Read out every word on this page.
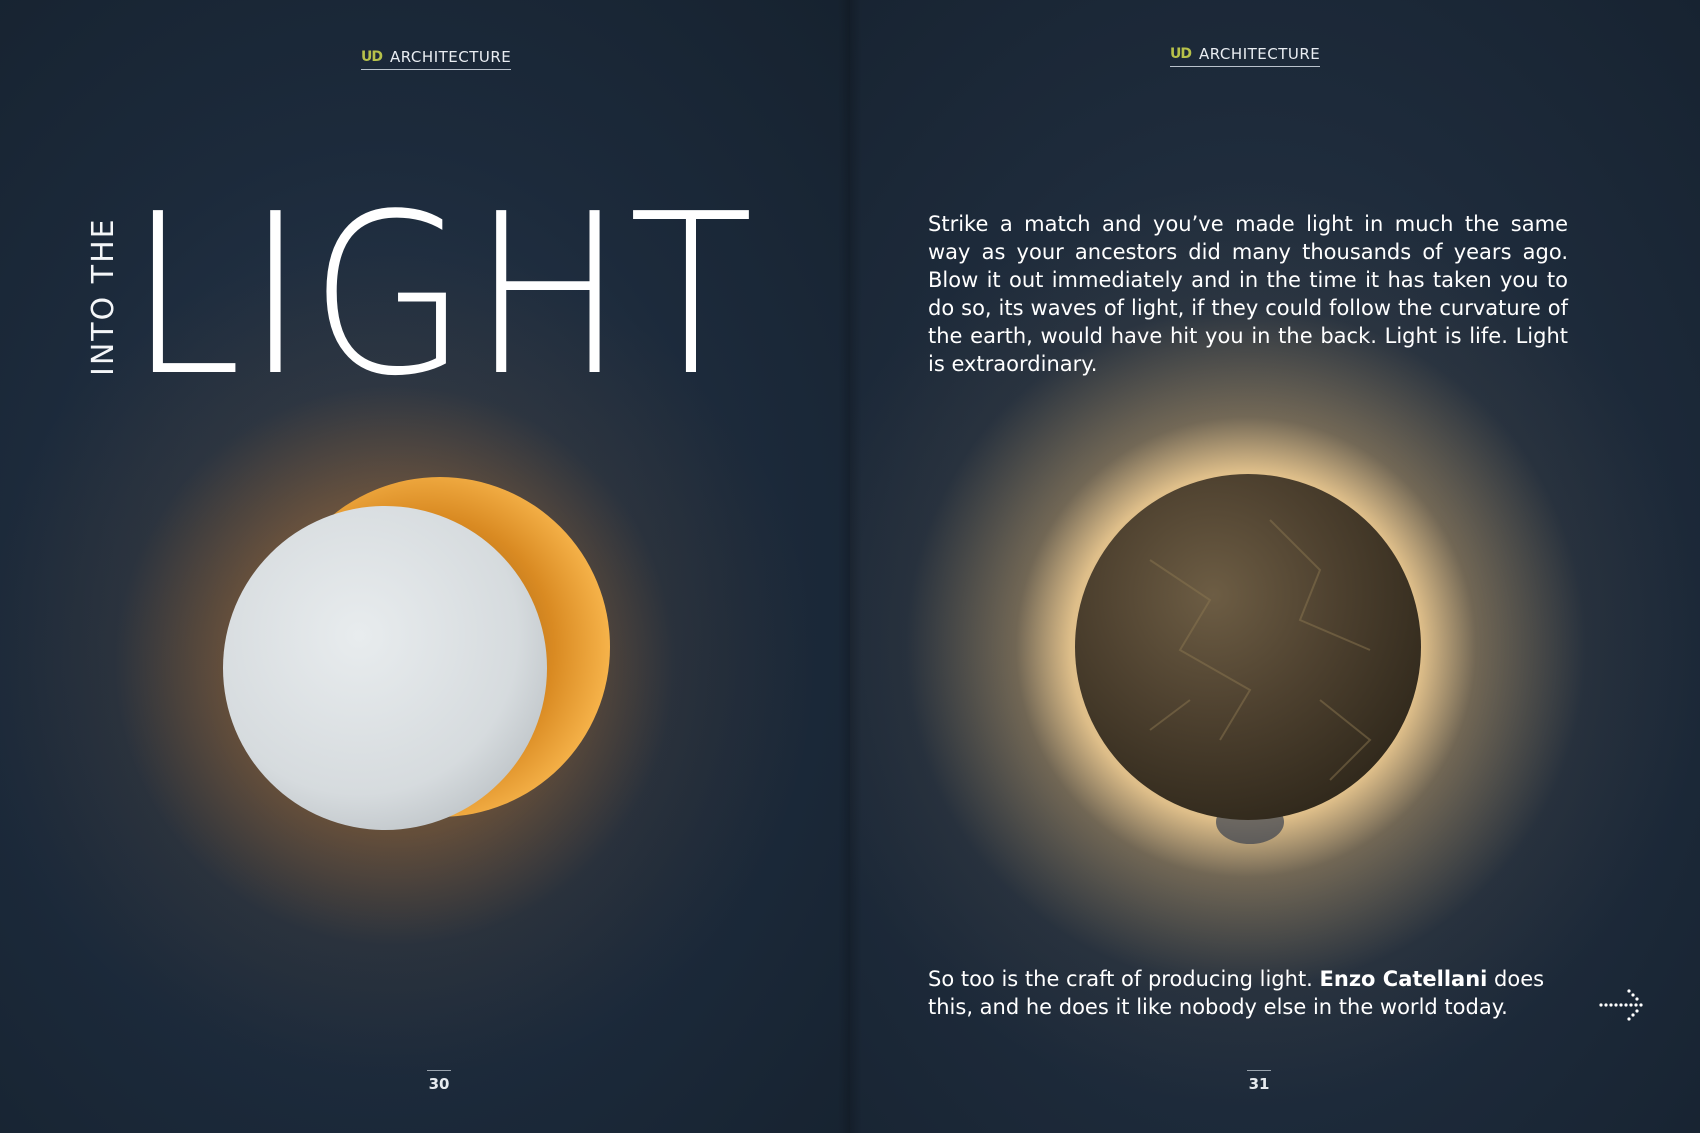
UD ARCHITECTURE
INTO THE LIGHT
30
UD ARCHITECTURE

Strike a match and you’ve made light in much the same way as your ancestors did many thousands of years ago. Blow it out immediately and in the time it has taken you to do so, its waves of light, if they could follow the curvature of the earth, would have hit you in the back. Light is life. Light is extraordinary.

So too is the craft of producing light. Enzo Catellani does this, and he does it like nobody else in the world today.

31
